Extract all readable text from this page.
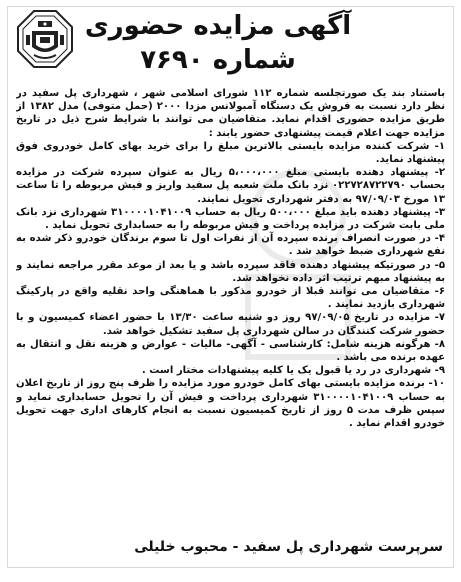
آگهی مزایده حضوری
شماره ۷۶۹۰

باستناد بند یک صورتجلسه شماره ۱۱۲ شورای اسلامی شهر ، شهرداری پل سفید در نظر دارد نسبت به فروش یک دستگاه آمبولانس مزدا ۲۰۰۰ (حمل متوفی) مدل ۱۳۸۲ از طریق مزایده حضوری اقدام نماید. متقاضیان می توانند با شرایط شرح ذیل در تاریخ مزایده جهت اعلام قیمت پیشنهادی حضور یابند :

۱- شرکت کننده مزایده بایستی بالاترین مبلغ را برای خرید بهای کامل خودروی فوق پیشنهاد نماید.

۲- پیشنهاد دهنده بایستی مبلغ ۵،۰۰۰،۰۰۰ ریال به عنوان سپرده شرکت در مزایده بحساب ۰۲۲۷۲۸۷۲۲۷۹۰ نزد بانک ملت شعبه پل سفید واریز و فیش مربوطه را تا ساعت ۱۳ مورخ ۹۷/۰۹/۰۳ به دفتر شهرداری تحویل نمایند.

۳- پیشنهاد دهنده باید مبلغ ۵۰۰،۰۰۰ ریال به حساب ۳۱۰۰۰۰۱۰۴۱۰۰۹ شهرداری نزد بانک ملی بابت شرکت در مزایده پرداخت و فیش مربوطه را به حسابداری تحویل نماید .

۴- در صورت انصراف برنده سپرده آن از نفرات اول تا سوم برندگان خودرو ذکر شده به نفع شهرداری ضبط خواهد شد .

۵- در صورتیکه پیشنهاد دهنده فاقد سپرده باشد و یا بعد از موعد مقرر مراجعه نمایند و به پیشنهاد مبهم ترتیب اثر داده نخواهد شد.

۶- متقاضیان می توانند قبلا از خودرو مذکور با هماهنگی واحد نقلیه واقع در پارکینگ شهرداری بازدید نمایند .

۷- مزایده در تاریخ ۹۷/۰۹/۰۵ روز دو شنبه ساعت ۱۳/۳۰ با حضور اعضاء کمیسیون و با حضور شرکت کنندگان در سالن شهرداری پل سفید تشکیل خواهد شد.

۸- هرگونه هزینه شامل: کارشناسی - آگهی- مالیات - عوارض و هزینه نقل و انتقال به عهده برنده می باشد .

۹- شهرداری در رد یا قبول یک یا کلیه پیشنهادات مختار است .

۱۰- برنده مزایده بایستی بهای کامل خودرو مورد مزایده را ظرف پنج روز از تاریخ اعلان به حساب ۳۱۰۰۰۰۱۰۴۱۰۰۹ شهرداری پرداخت و فیش آن را تحویل حسابداری نماید و سپس ظرف مدت ۵ روز از تاریخ کمیسیون نسبت به انجام کارهای اداری جهت تحویل خودرو اقدام نماید .

سرپرست شهرداری پل سفید - محبوب خلیلی
